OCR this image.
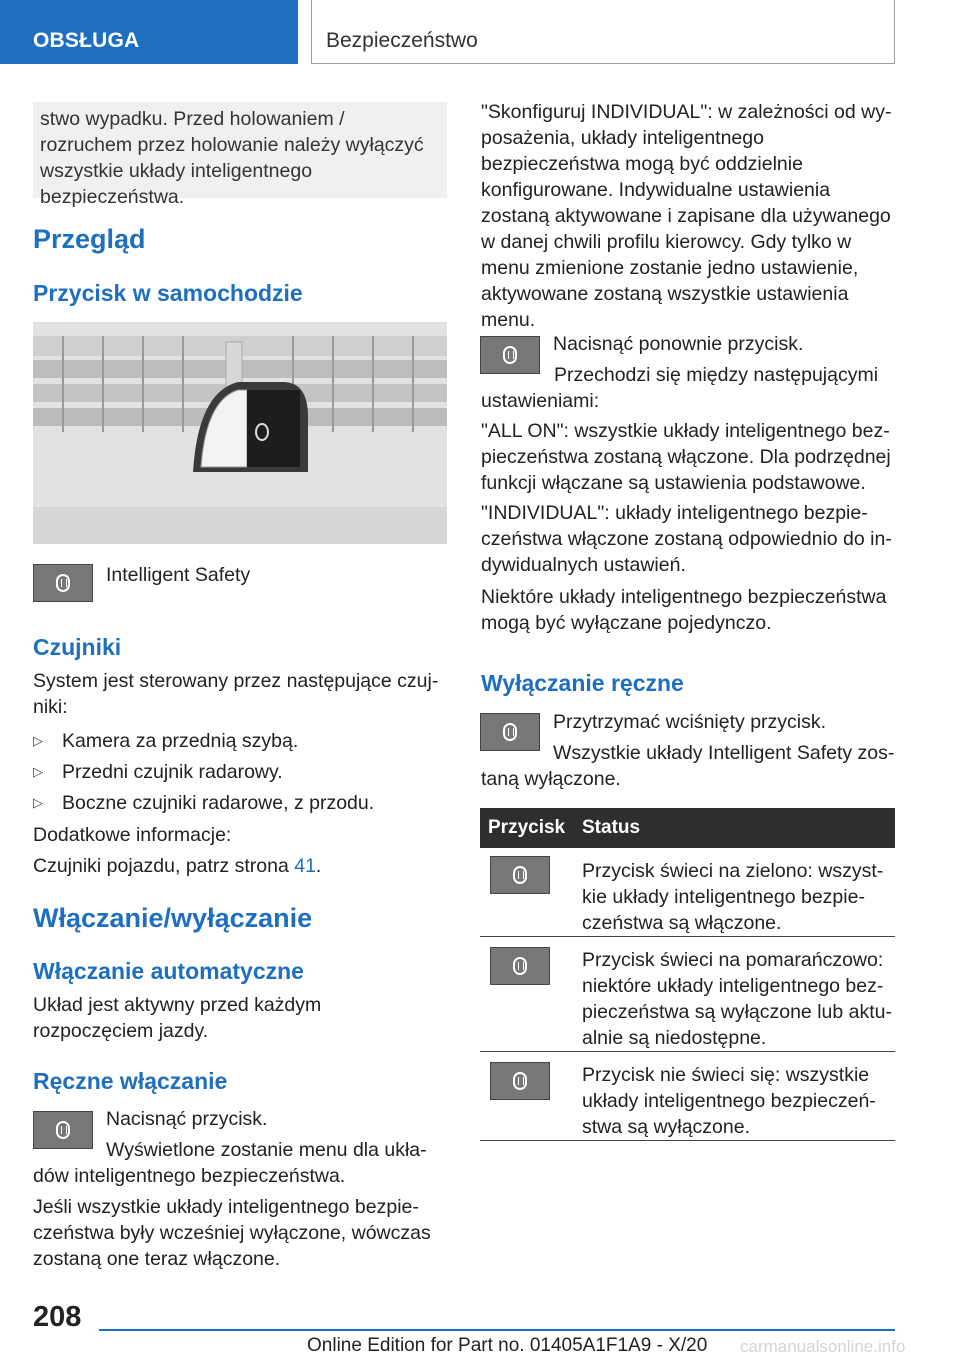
OBSŁUGA	Bezpieczeństwo

stwo wypadku. Przed holowaniem / rozruchem przez holowanie należy wyłączyć wszystkie układy inteligentnego bezpieczeństwa.

Przegląd
Przycisk w samochodzie

Intelligent Safety

Czujniki

System jest sterowany przez następujące czujniki:

▷ Kamera za przednią szybą.
▷ Przedni czujnik radarowy.
▷ Boczne czujniki radarowe, z przodu.

Dodatkowe informacje:

Czujniki pojazdu, patrz strona 41.

Włączanie/wyłączanie
Włączanie automatyczne

Układ jest aktywny przed każdym rozpoczęciem jazdy.

Ręczne włączanie

Nacisnąć przycisk.

Wyświetlone zostanie menu dla układów inteligentnego bezpieczeństwa.

Jeśli wszystkie układy inteligentnego bezpieczeństwa były wcześniej wyłączone, wówczas zostaną one teraz włączone.

"Skonfiguruj INDIVIDUAL": w zależności od wyposażenia, układy inteligentnego bezpieczeństwa mogą być oddzielnie konfigurowane. Indywidualne ustawienia zostaną aktywowane i zapisane dla używanego w danej chwili profilu kierowcy. Gdy tylko w menu zmienione zostanie jedno ustawienie, aktywowane zostaną wszystkie ustawienia menu.

Nacisnąć ponownie przycisk.

Przechodzi się między następującymi ustawieniami:

"ALL ON": wszystkie układy inteligentnego bezpieczeństwa zostaną włączone. Dla podrzędnej funkcji włączane są ustawienia podstawowe.

"INDIVIDUAL": układy inteligentnego bezpieczeństwa włączone zostaną odpowiednio do indywidualnych ustawień.

Niektóre układy inteligentnego bezpieczeństwa mogą być wyłączane pojedynczo.

Wyłączanie ręczne

Przytrzymać wciśnięty przycisk.

Wszystkie układy Intelligent Safety zostaną wyłączone.

Przycisk Status

Przycisk świeci na zielono: wszystkie układy inteligentnego bezpieczeństwa są włączone.

Przycisk świeci na pomarańczowo: niektóre układy inteligentnego bezpieczeństwa są wyłączone lub aktualnie są niedostępne.

Przycisk nie świeci się: wszystkie układy inteligentnego bezpieczeństwa są wyłączone.

208
Online Edition for Part no. 01405A1F1A9 - X/20 carmanualsonline.info
